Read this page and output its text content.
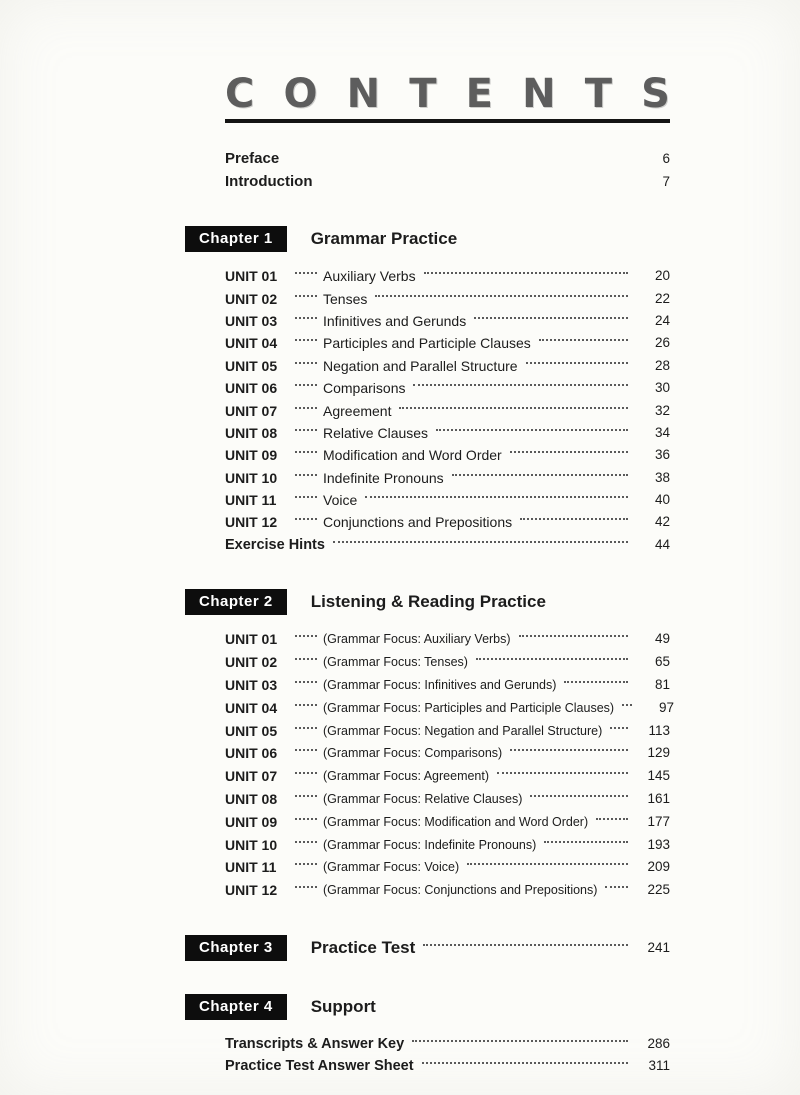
C O N T E N T S
Preface	6
Introduction	7
Chapter 1	Grammar Practice
UNIT 01	Auxiliary Verbs	20
UNIT 02	Tenses	22
UNIT 03	Infinitives and Gerunds	24
UNIT 04	Participles and Participle Clauses	26
UNIT 05	Negation and Parallel Structure	28
UNIT 06	Comparisons	30
UNIT 07	Agreement	32
UNIT 08	Relative Clauses	34
UNIT 09	Modification and Word Order	36
UNIT 10	Indefinite Pronouns	38
UNIT 11	Voice	40
UNIT 12	Conjunctions and Prepositions	42
Exercise Hints	44
Chapter 2	Listening & Reading Practice
UNIT 01	(Grammar Focus: Auxiliary Verbs)	49
UNIT 02	(Grammar Focus: Tenses)	65
UNIT 03	(Grammar Focus: Infinitives and Gerunds)	81
UNIT 04	(Grammar Focus: Participles and Participle Clauses)	97
UNIT 05	(Grammar Focus: Negation and Parallel Structure)	113
UNIT 06	(Grammar Focus: Comparisons)	129
UNIT 07	(Grammar Focus: Agreement)	145
UNIT 08	(Grammar Focus: Relative Clauses)	161
UNIT 09	(Grammar Focus: Modification and Word Order)	177
UNIT 10	(Grammar Focus: Indefinite Pronouns)	193
UNIT 11	(Grammar Focus: Voice)	209
UNIT 12	(Grammar Focus: Conjunctions and Prepositions)	225
Chapter 3	Practice Test	241
Chapter 4	Support
Transcripts & Answer Key	286
Practice Test Answer Sheet	311
